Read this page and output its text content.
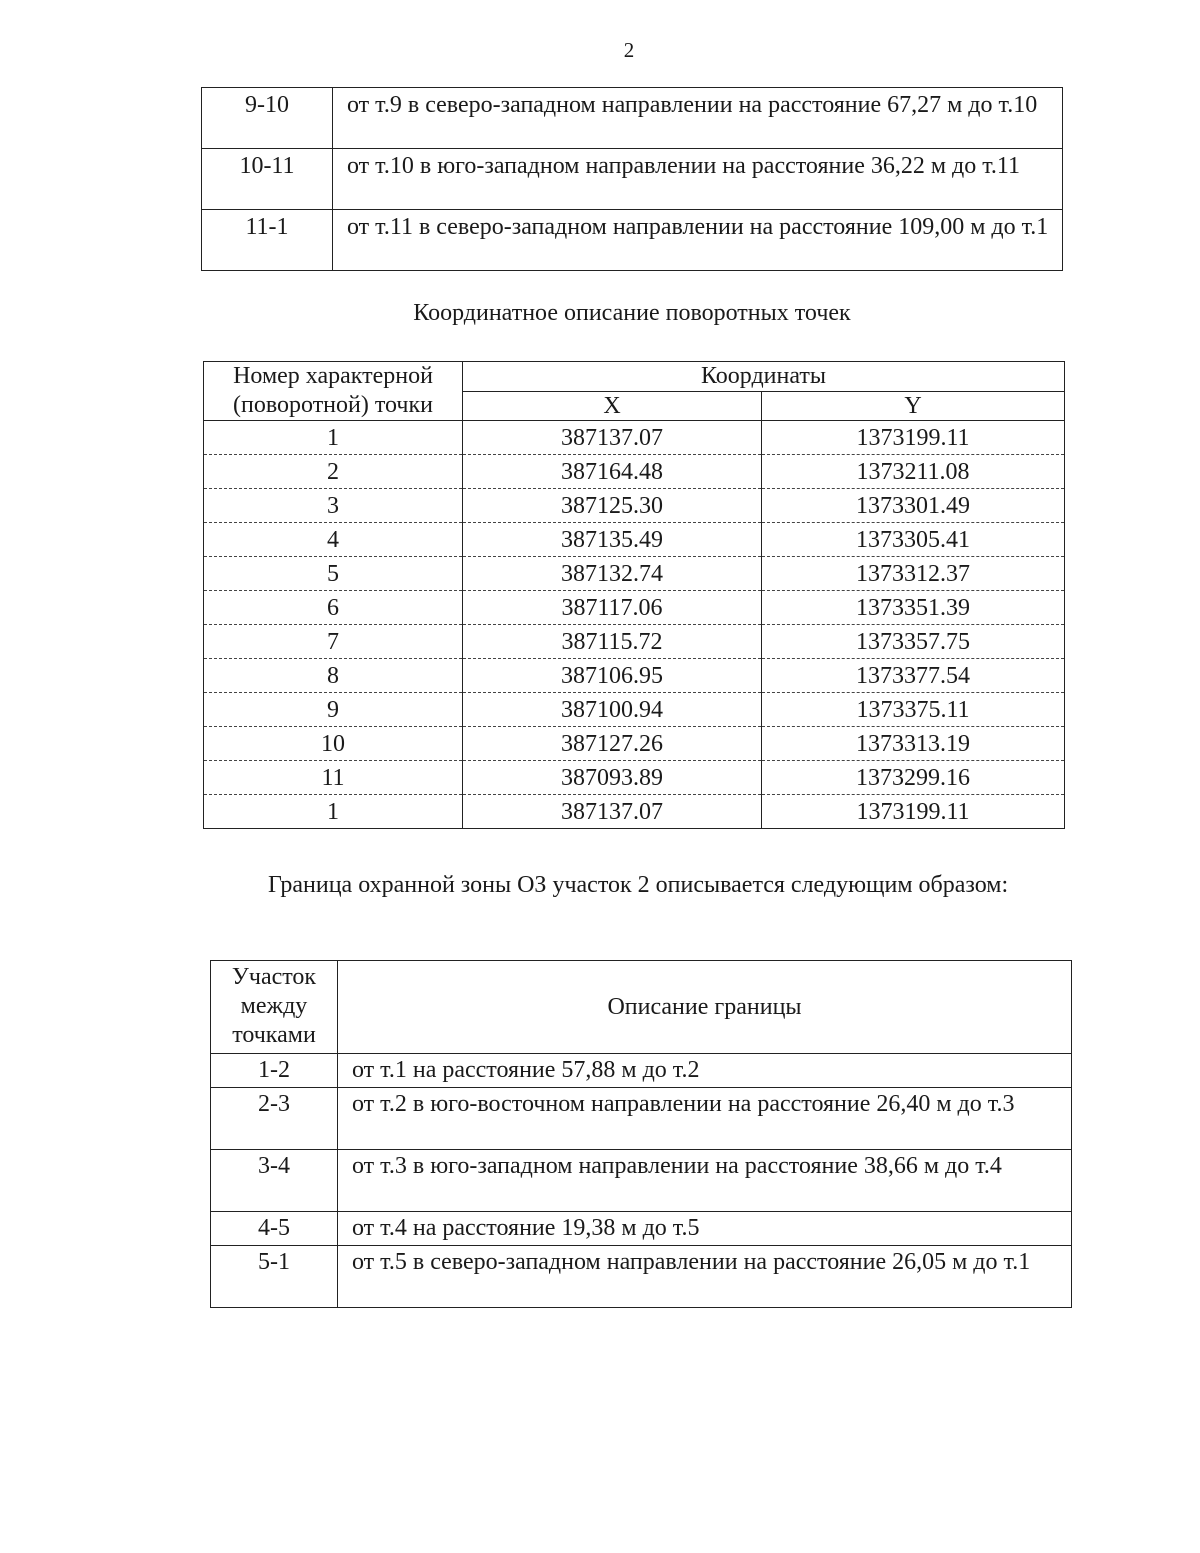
2
9-10	от т.9 в северо-западном направлении на расстояние 67,27 м до т.10
10-11	от т.10 в юго-западном направлении на расстояние 36,22 м до т.11
11-1	от т.11 в северо-западном направлении на расстояние 109,00 м до т.1
Координатное описание поворотных точек
Номер характерной (поворотной) точки	Координаты	
	X	Y
1	387137.07	1373199.11
2	387164.48	1373211.08
3	387125.30	1373301.49
4	387135.49	1373305.41
5	387132.74	1373312.37
6	387117.06	1373351.39
7	387115.72	1373357.75
8	387106.95	1373377.54
9	387100.94	1373375.11
10	387127.26	1373313.19
11	387093.89	1373299.16
1	387137.07	1373199.11
Граница охранной зоны ОЗ участок 2 описывается следующим образом:
Участок между точками	Описание границы
1-2	от т.1 на расстояние 57,88 м до т.2
2-3	от т.2 в юго-восточном направлении на расстояние 26,40 м до т.3
3-4	от т.3 в юго-западном направлении на расстояние 38,66 м до т.4
4-5	от т.4 на расстояние 19,38 м до т.5
5-1	от т.5 в северо-западном направлении на расстояние 26,05 м до т.1
